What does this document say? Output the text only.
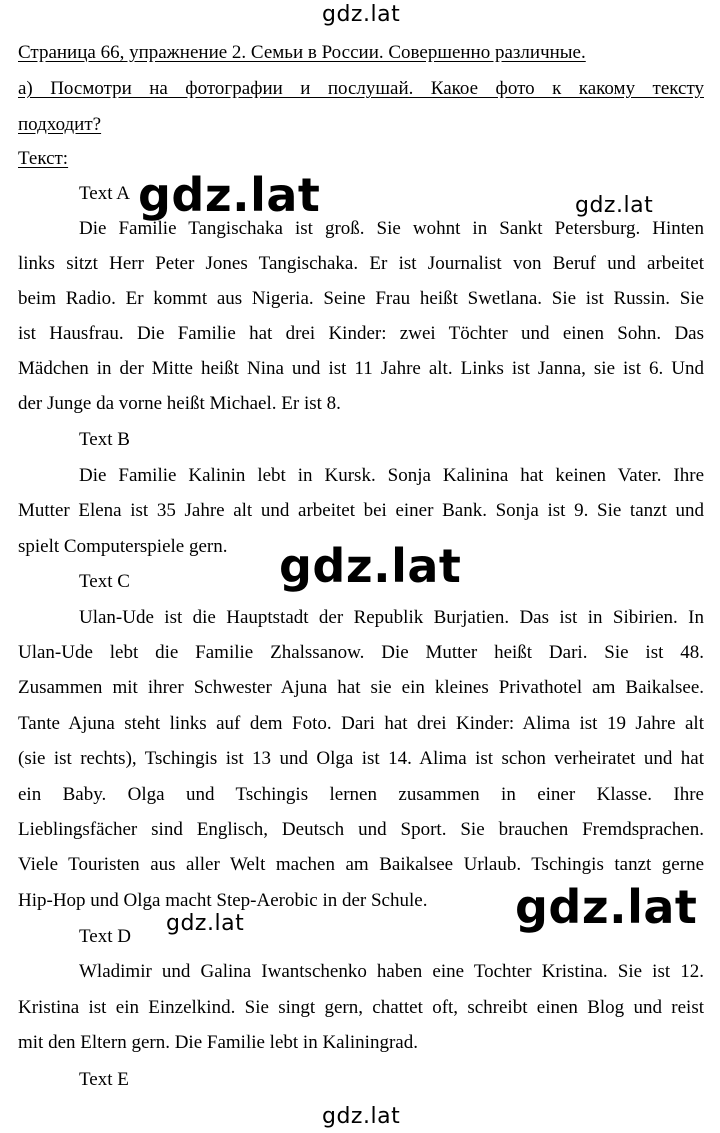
gdz.lat
gdz.lat	gdz.lat
gdz.lat
gdz.lat
gdz.lat
gdz.lat
Страница 66, упражнение 2. Семьи в России. Совершенно различные.
а) Посмотри на фотографии и послушай. Какое фото к какому тексту
подходит?
Текст:
Text A
Die Familie Tangischaka ist groß. Sie wohnt in Sankt Petersburg. Hinten
links sitzt Herr Peter Jones Tangischaka. Er ist Journalist von Beruf und arbeitet
beim Radio. Er kommt aus Nigeria. Seine Frau heißt Swetlana. Sie ist Russin. Sie
ist Hausfrau. Die Familie hat drei Kinder: zwei Töchter und einen Sohn. Das
Mädchen in der Mitte heißt Nina und ist 11 Jahre alt. Links ist Janna, sie ist 6. Und
der Junge da vorne heißt Michael. Er ist 8.
Text B
Die Familie Kalinin lebt in Kursk. Sonja Kalinina hat keinen Vater. Ihre
Mutter Elena ist 35 Jahre alt und arbeitet bei einer Bank. Sonja ist 9. Sie tanzt und
spielt Computerspiele gern.
Text C
Ulan-Ude ist die Hauptstadt der Republik Burjatien. Das ist in Sibirien. In
Ulan-Ude lebt die Familie Zhalssanow. Die Mutter heißt Dari. Sie ist 48.
Zusammen mit ihrer Schwester Ajuna hat sie ein kleines Privathotel am Baikalsee.
Tante Ajuna steht links auf dem Foto. Dari hat drei Kinder: Alima ist 19 Jahre alt
(sie ist rechts), Tschingis ist 13 und Olga ist 14. Alima ist schon verheiratet und hat
ein Baby. Olga und Tschingis lernen zusammen in einer Klasse. Ihre
Lieblingsfächer sind Englisch, Deutsch und Sport. Sie brauchen Fremdsprachen.
Viele Touristen aus aller Welt machen am Baikalsee Urlaub. Tschingis tanzt gerne
Hip-Hop und Olga macht Step-Aerobic in der Schule.
Text D
Wladimir und Galina Iwantschenko haben eine Tochter Kristina. Sie ist 12.
Kristina ist ein Einzelkind. Sie singt gern, chattet oft, schreibt einen Blog und reist
mit den Eltern gern. Die Familie lebt in Kaliningrad.
Text E
